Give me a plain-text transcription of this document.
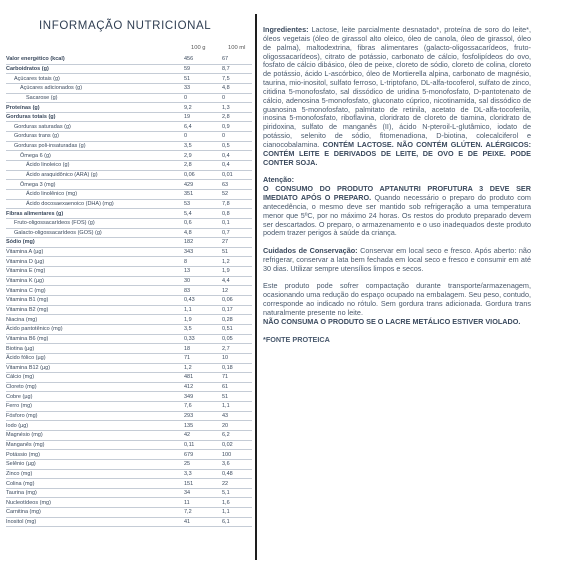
INFORMAÇÃO NUTRICIONAL
100 g	100 ml
Valor energético (kcal)	456	67
Carboidratos (g)	59	8,7
Açúcares totais (g)	51	7,5
Açúcares adicionados (g)	33	4,8
Sacarose (g)	0	0
Proteínas (g)	9,2	1,3
Gorduras totais (g)	19	2,8
Gorduras saturadas (g)	6,4	0,9
Gorduras trans (g)	0	0
Gorduras poli-insaturadas (g)	3,5	0,5
Ômega 6 (g)	2,9	0,4
Ácido linoleico (g)	2,8	0,4
Ácido araquidônico (ARA) (g)	0,06	0,01
Ômega 3 (mg)	429	63
Ácido linolênico (mg)	351	52
Ácido docosaexaenoico (DHA) (mg)	53	7,8
Fibras alimentares (g)	5,4	0,8
Fruto-oligossacarídeos (FOS) (g)	0,6	0,1
Galacto-oligossacarídeos (GOS) (g)	4,8	0,7
Sódio (mg)	182	27
Vitamina A (µg)	343	51
Vitamina D (µg)	8	1,2
Vitamina E (mg)	13	1,9
Vitamina K (µg)	30	4,4
Vitamina C (mg)	83	12
Vitamina B1 (mg)	0,43	0,06
Vitamina B2 (mg)	1,1	0,17
Niacina (mg)	1,9	0,28
Ácido pantotênico (mg)	3,5	0,51
Vitamina B6 (mg)	0,33	0,05
Biotina (µg)	18	2,7
Ácido fólico (µg)	71	10
Vitamina B12 (µg)	1,2	0,18
Cálcio (mg)	481	71
Cloreto (mg)	412	61
Cobre (µg)	349	51
Ferro (mg)	7,6	1,1
Fósforo (mg)	293	43
Iodo (µg)	135	20
Magnésio (mg)	42	6,2
Manganês (mg)	0,11	0,02
Potássio (mg)	679	100
Selênio (µg)	25	3,6
Zinco (mg)	3,3	0,48
Colina (mg)	151	22
Taurina (mg)	34	5,1
Nucleotídeos (mg)	11	1,6
Carnitina (mg)	7,2	1,1
Inositol (mg)	41	6,1

Ingredientes: Lactose, leite parcialmente desnatado*, proteína de soro do leite*, óleos vegetais (óleo de girassol alto oleico, óleo de canola, óleo de girassol, óleo de palma), maltodextrina, fibras alimentares (galacto-oligossacarídeos, fruto-oligossacarídeos), citrato de potássio, carbonato de cálcio, fosfolipídeos do ovo, fosfato de cálcio dibásico, óleo de peixe, cloreto de sódio, cloreto de colina, cloreto de potássio, ácido L-ascórbico, óleo de Mortierella alpina, carbonato de magnésio, taurina, mio-inositol, sulfato ferroso, L-triptofano, DL-alfa-tocoferol, sulfato de zinco, citidina 5-monofosfato, sal dissódico de uridina 5-monofosfato, D-pantotenato de cálcio, adenosina 5-monofosfato, gluconato cúprico, nicotinamida, sal dissódico de guanosina 5-monofosfato, palmitato de retinila, acetato de DL-alfa-tocoferila, inosina 5-monofosfato, riboflavina, cloridrato de cloreto de tiamina, cloridrato de piridoxina, sulfato de manganês (II), ácido N-pteroil-L-glutâmico, iodato de potássio, selenito de sódio, fitomenadiona, D-biotina, colecalciferol e cianocobalamina. CONTÉM LACTOSE. NÃO CONTÉM GLÚTEN. ALÉRGICOS: CONTÉM LEITE E DERIVADOS DE LEITE, DE OVO E DE PEIXE. PODE CONTER SOJA.

Atenção:
O CONSUMO DO PRODUTO APTANUTRI PROFUTURA 3 DEVE SER IMEDIATO APÓS O PREPARO. Quando necessário o preparo do produto com antecedência, o mesmo deve ser mantido sob refrigeração a uma temperatura menor que 5ºC, por no máximo 24 horas. Os restos do produto preparado devem ser descartados. O preparo, o armazenamento e o uso inadequados deste produto podem trazer perigos à saúde da criança.

Cuidados de Conservação: Conservar em local seco e fresco. Após aberto: não refrigerar, conservar a lata bem fechada em local seco e fresco e consumir em até 30 dias. Utilizar sempre utensílios limpos e secos.

Este produto pode sofrer compactação durante transporte/armazenagem, ocasionando uma redução do espaço ocupado na embalagem. Seu peso, contudo, corresponde ao indicado no rótulo. Sem gordura trans adicionada. Gordura trans naturalmente presente no leite.
NÃO CONSUMA O PRODUTO SE O LACRE METÁLICO ESTIVER VIOLADO.

*FONTE PROTEICA
